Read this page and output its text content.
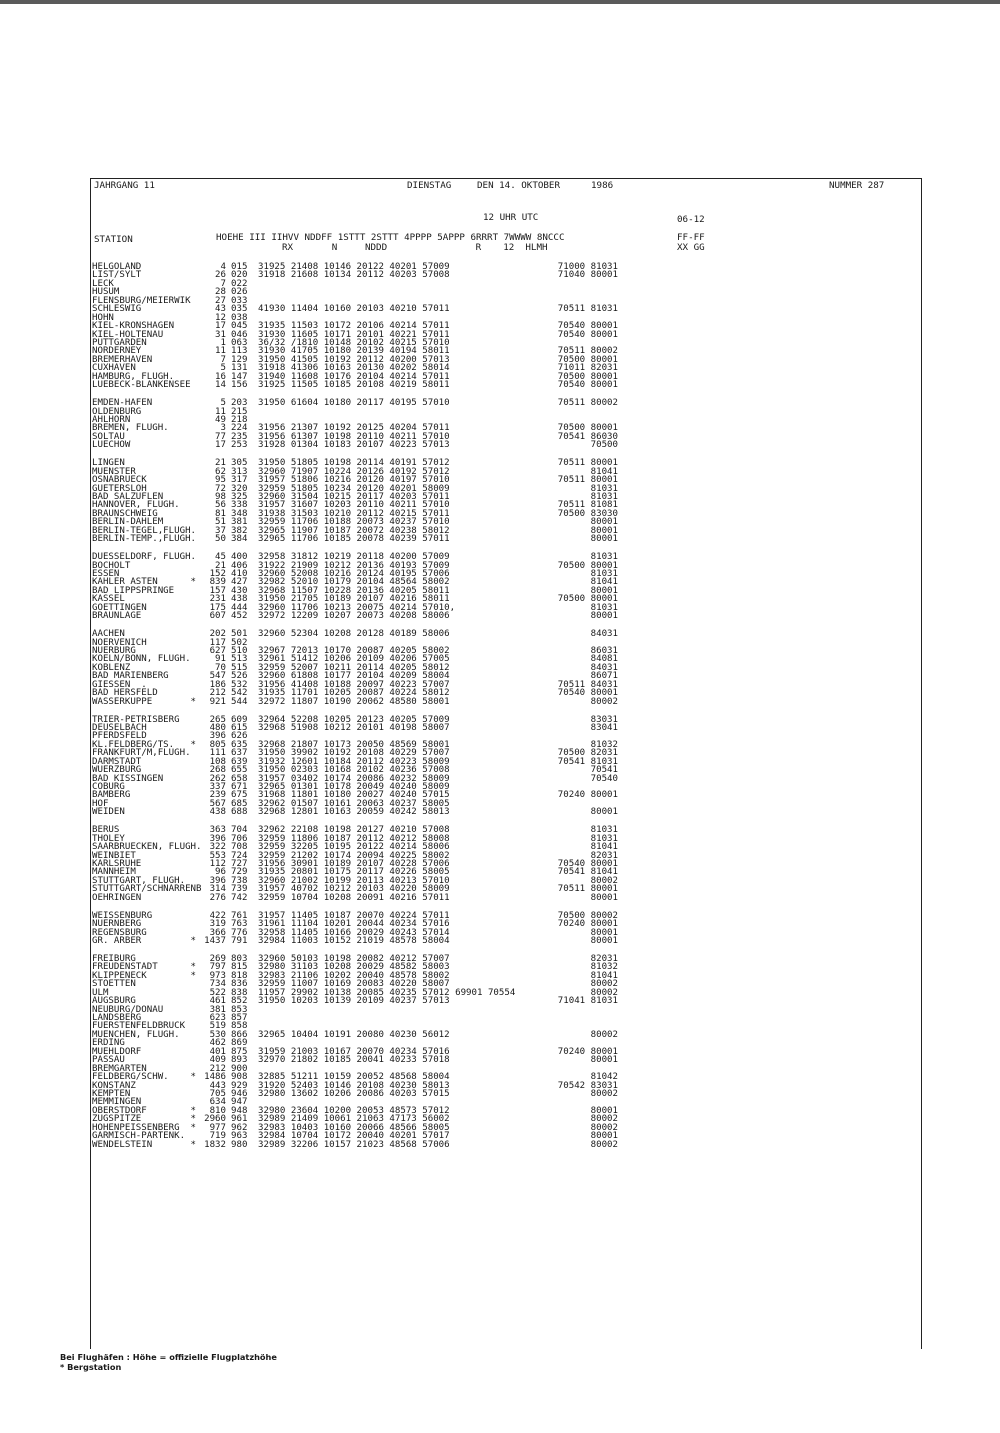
JAHRGANG 11	DIENSTAG	DEN 14. OKTOBER	1986	NUMMER 287
12 UHR UTC	06-12
STATION	HOEHE III IIHVV NDDFF 1STTT 2STTT 4PPPP 5APPP 6RRRT 7WWWW 8NCCC
RX       N     NDDD                R    12  HLMH
FF-FF
XX GG
HELGOLAND	4 015 31925 21408 10146 20122 40201 57009	71000 81031
LIST/SYLT	26 020 31918 21608 10134 20112 40203 57008	71040 80001
LECK	7 022
HUSUM	28 026
FLENSBURG/MEIERWIK	27 033
SCHLESWIG	43 035 41930 11404 10160 20103 40210 57011	70511 81031
HOHN	12 038
KIEL-KRONSHAGEN	17 045 31935 11503 10172 20106 40214 57011	70540 80001
KIEL-HOLTENAU	31 046 31930 11605 10171 20101 40221 57011	70540 80001
PUTTGARDEN	1 063 36/32 /1810 10148 20102 40215 57010
NORDERNEY	11 113 31930 41705 10180 20139 40194 58011	70511 80002
BREMERHAVEN	7 129 31950 41505 10192 20112 40200 57013	70500 80001
CUXHAVEN	5 131 31918 41306 10163 20130 40202 58014	71011 82031
HAMBURG, FLUGH.	16 147 31940 11608 10176 20104 40214 57011	70500 80001
LUEBECK-BLANKENSEE	14 156 31925 11505 10185 20108 40219 58011	70540 80001
EMDEN-HAFEN	5 203 31950 61604 10180 20117 40195 57010	70511 80002
OLDENBURG	11 215
AHLHORN	49 218
BREMEN, FLUGH.	3 224 31956 21307 10192 20125 40204 57011	70500 80001
SOLTAU	77 235 31956 61307 10198 20110 40211 57010	70541 86030
LUECHOW	17 253 31928 01304 10183 20107 40223 57013	70500
LINGEN	21 305 31950 51805 10198 20114 40191 57012	70511 80001
MUENSTER	62 313 32960 71907 10224 20126 40192 57012	81041
OSNABRUECK	95 317 31957 51806 10216 20120 40197 57010	70511 80001
GUETERSLOH	72 320 32959 51805 10234 20120 40201 58009	81031
BAD SALZUFLEN	98 325 32960 31504 10215 20117 40203 57011	81031
HANNOVER, FLUGH.	56 338 31957 31607 10203 20110 40211 57010	70511 81081
BRAUNSCHWEIG	81 348 31938 31503 10210 20112 40215 57011	70500 83030
BERLIN-DAHLEM	51 381 32959 11706 10188 20073 40237 57010	80001
BERLIN-TEGEL,FLUGH.	37 382 32965 11907 10187 20072 40238 58012	80001
BERLIN-TEMP.,FLUGH.	50 384 32965 11706 10185 20078 40239 57011	80001
DUESSELDORF, FLUGH.	45 400 32958 31812 10219 20118 40200 57009	81031
BOCHOLT	21 406 31922 21909 10212 20136 40193 57009	70500 80001
ESSEN	152 410 32960 52008 10216 20124 40195 57006	81031
KAHLER ASTEN      *	839 427 32982 52010 10179 20104 48564 58002	81041
BAD LIPPSPRINGE	157 430 32968 11507 10228 20136 40205 58011	80001
KASSEL	231 438 31950 21705 10189 20107 40216 58011	70500 80001
GOETTINGEN	175 444 32960 11706 10213 20075 40214 57010,	81031
BRAUNLAGE	607 452 32972 12209 10207 20073 40208 58006	80001
AACHEN	202 501 32960 52304 10208 20128 40189 58006	84031
NOERVENICH	117 502
NUERBURG	627 510 32967 72013 10170 20087 40205 58002	86031
KOELN/BONN, FLUGH.	91 513 32961 51412 10206 20109 40206 57005	84081
KOBLENZ	70 515 32959 52007 10211 20114 40205 58012	84031
BAD MARIENBERG	547 526 32960 61808 10177 20104 40209 58004	86071
GIESSEN  .	186 532 31956 41408 10188 20097 40223 57007	70511 84031
BAD HERSFELD	212 542 31935 11701 10205 20087 40224 58012	70540 80001
WASSERKUPPE       *	921 544 32972 11807 10190 20062 48580 58001	80002
TRIER-PETRISBERG	265 609 32964 52208 10205 20123 40205 57009	83031
DEUSELBACH	480 615 32968 51908 10212 20101 40198 58007	83041
PFERDSFELD	396 626
KL.FELDBERG/TS.   *	805 635 32968 21807 10173 20050 48569 58001	81032
FRANKFURT/M,FLUGH.	111 637 31950 39902 10192 20108 40229 57007	70500 82031
DARMSTADT	108 639 31932 12601 10184 20112 40223 58009	70541 81031
WUERZBURG	268 655 31950 02303 10168 20102 40236 57008	70541
BAD KISSINGEN	262 658 31957 03402 10174 20086 40232 58009	70540
COBURG	337 671 32965 01301 10178 20049 40240 58009
BAMBERG	239 675 31968 11801 10180 20027 40240 57015	70240 80001
HOF	567 685 32962 01507 10161 20063 40237 58005
WEIDEN	438 688 32968 12801 10163 20059 40242 58013	80001
BERUS	363 704 32962 22108 10198 20127 40210 57008	81031
THOLEY	396 706 32959 11806 10187 20112 40212 58008	81031
SAARBRUECKEN, FLUGH. 322 708 32959 32205 10195 20122 40214 58006	81041
WEINBIET	553 724 32959 21202 10174 20094 40225 58002	82031
KARLSRUHE	112 727 31956 30901 10189 20107 40228 57006	70540 80001
MANNHEIM	96 729 31935 20801 10175 20117 40226 58005	70541 81041
STUTTGART, FLUGH.	396 738 32960 21002 10199 20113 40213 57010	80002
STUTTGART/SCHNARRENB 314 739 31957 40702 10212 20103 40220 58009	70511 80001
OEHRINGEN	276 742 32959 10704 10208 20091 40216 57011	80001
WEISSENBURG	422 761 31957 11405 10187 20070 40224 57011	70500 80002
NUERNBERG	319 763 31961 11104 10201 20044 40234 57016	70240 80001
REGENSBURG	366 776 32958 11405 10166 20029 40243 57014	80001
GR. ARBER         * 1437 791 32984 11003 10152 21019 48578 58004	80001
FREIBURG	269 803 32960 50103 10198 20082 40212 57007	82031
FREUDENSTADT      *	797 815 32980 31103 10208 20029 48582 58003	81032
KLIPPENECK        *	973 818 32983 21106 10202 20040 48578 58002	81041
STOETTEN	734 836 32959 11007 10169 20083 40220 58007	80002
ULM	522 838 11957 29902 10138 20085 40235 57012 69901 70554	80002
AUGSBURG	461 852 31950 10203 10139 20109 40237 57013	71041 81031
NEUBURG/DONAU	381 853
LANDSBERG	623 857
FUERSTENFELDBRUCK	519 858
MUENCHEN, FLUGH.	530 866 32965 10404 10191 20080 40230 56012	80002
ERDING	462 869
MUEHLDORF	401 875 31959 21003 10167 20070 40234 57016	70240 80001
PASSAU	409 893 32970 21802 10185 20041 40233 57018	80001
BREMGARTEN	212 900
FELDBERG/SCHW.    * 1486 908 32885 51211 10159 20052 48568 58004	81042
KONSTANZ	443 929 31920 52403 10146 20108 40230 58013	70542 83031
KEMPTEN	705 946 32980 13602 10206 20086 40203 57015	80002
MEMMINGEN	634 947
OBERSTDORF        *	810 948 32980 23604 10200 20053 48573 57012	80001
ZUGSPITZE         * 2960 961 32989 21409 10061 21063 47173 56002	80002
HOHENPEISSENBERG  *	977 962 32983 10403 10160 20066 48566 58005	80002
GARMISCH-PARTENK.	719 963 32984 10704 10172 20040 40201 57017	80001
WENDELSTEIN       * 1832 980 32989 32206 10157 21023 48568 57006	80002
Bei Flughäfen : Höhe = offizielle Flugplatzhöhe
* Bergstation
